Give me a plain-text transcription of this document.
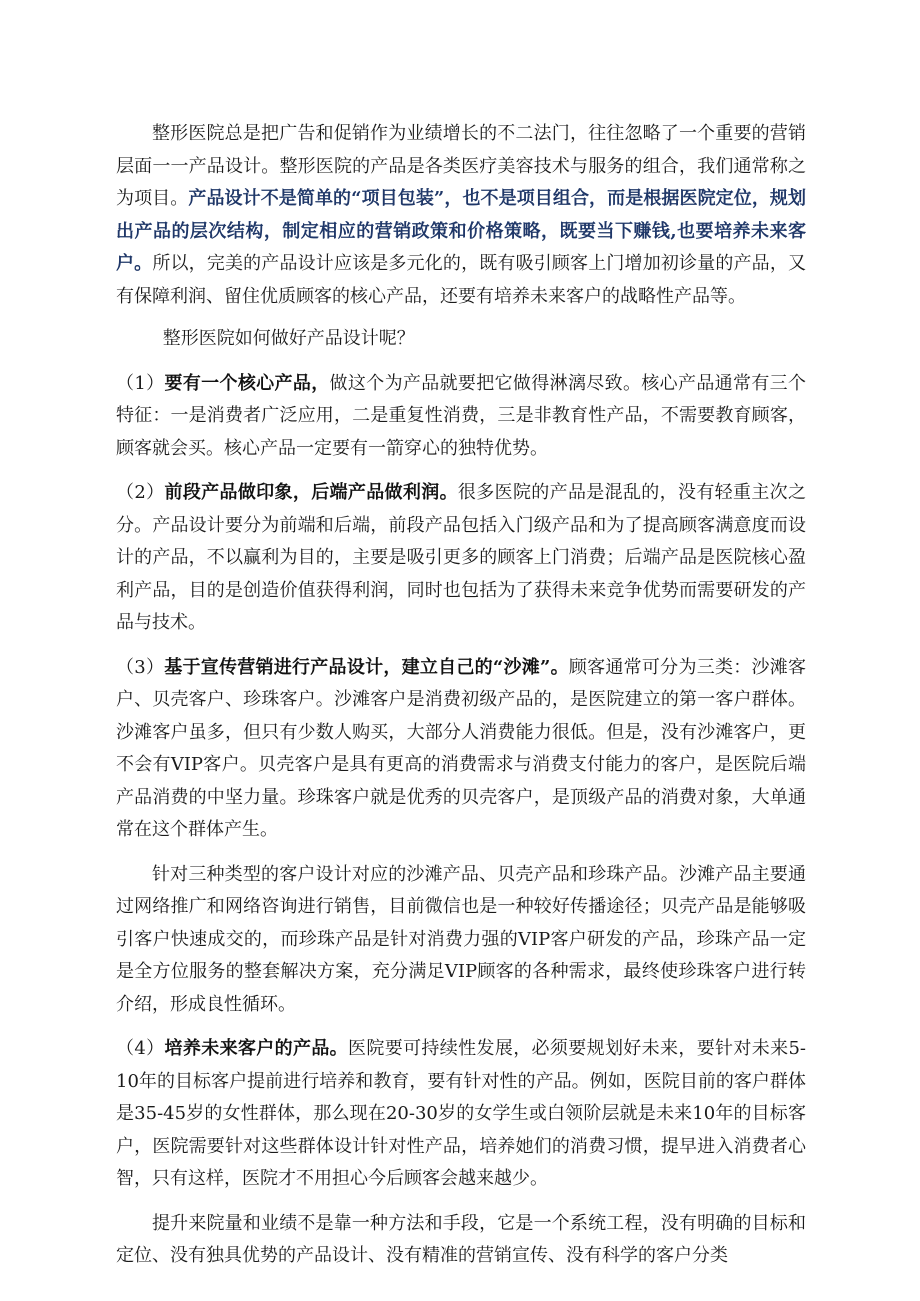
整形医院总是把广告和促销作为业绩增长的不二法门，往往忽略了一个重要的营销层面一一产品设计。整形医院的产品是各类医疗美容技术与服务的组合，我们通常称之为项目。产品设计不是简单的“项目包装”，也不是项目组合，而是根据医院定位，规划出产品的层次结构，制定相应的营销政策和价格策略，既要当下赚钱,也要培养未来客户。所以，完美的产品设计应该是多元化的，既有吸引顾客上门增加初诊量的产品，又有保障利润、留住优质顾客的核心产品，还要有培养未来客户的战略性产品等。

整形医院如何做好产品设计呢？

（1）要有一个核心产品，做这个为产品就要把它做得淋漓尽致。核心产品通常有三个特征：一是消费者广泛应用，二是重复性消费，三是非教育性产品，不需要教育顾客，顾客就会买。核心产品一定要有一箭穿心的独特优势。

（2）前段产品做印象，后端产品做利润。很多医院的产品是混乱的，没有轻重主次之分。产品设计要分为前端和后端，前段产品包括入门级产品和为了提高顾客满意度而设计的产品，不以赢利为目的，主要是吸引更多的顾客上门消费；后端产品是医院核心盈利产品，目的是创造价值获得利润，同时也包括为了获得未来竞争优势而需要研发的产品与技术。

（3）基于宣传营销进行产品设计，建立自己的“沙滩”。顾客通常可分为三类：沙滩客户、贝壳客户、珍珠客户。沙滩客户是消费初级产品的，是医院建立的第一客户群体。沙滩客户虽多，但只有少数人购买，大部分人消费能力很低。但是，没有沙滩客户，更不会有VIP客户。贝壳客户是具有更高的消费需求与消费支付能力的客户，是医院后端产品消费的中坚力量。珍珠客户就是优秀的贝壳客户，是顶级产品的消费对象，大单通常在这个群体产生。

针对三种类型的客户设计对应的沙滩产品、贝壳产品和珍珠产品。沙滩产品主要通过网络推广和网络咨询进行销售，目前微信也是一种较好传播途径；贝壳产品是能够吸引客户快速成交的，而珍珠产品是针对消费力强的VIP客户研发的产品，珍珠产品一定是全方位服务的整套解决方案，充分满足VIP顾客的各种需求，最终使珍珠客户进行转介绍，形成良性循环。

（4）培养未来客户的产品。医院要可持续性发展，必须要规划好未来，要针对未来5-10年的目标客户提前进行培养和教育，要有针对性的产品。例如，医院目前的客户群体是35-45岁的女性群体，那么现在20-30岁的女学生或白领阶层就是未来10年的目标客户，医院需要针对这些群体设计针对性产品，培养她们的消费习惯，提早进入消费者心智，只有这样，医院才不用担心今后顾客会越来越少。

提升来院量和业绩不是靠一种方法和手段，它是一个系统工程，没有明确的目标和定位、没有独具优势的产品设计、没有精准的营销宣传、没有科学的客户分类
